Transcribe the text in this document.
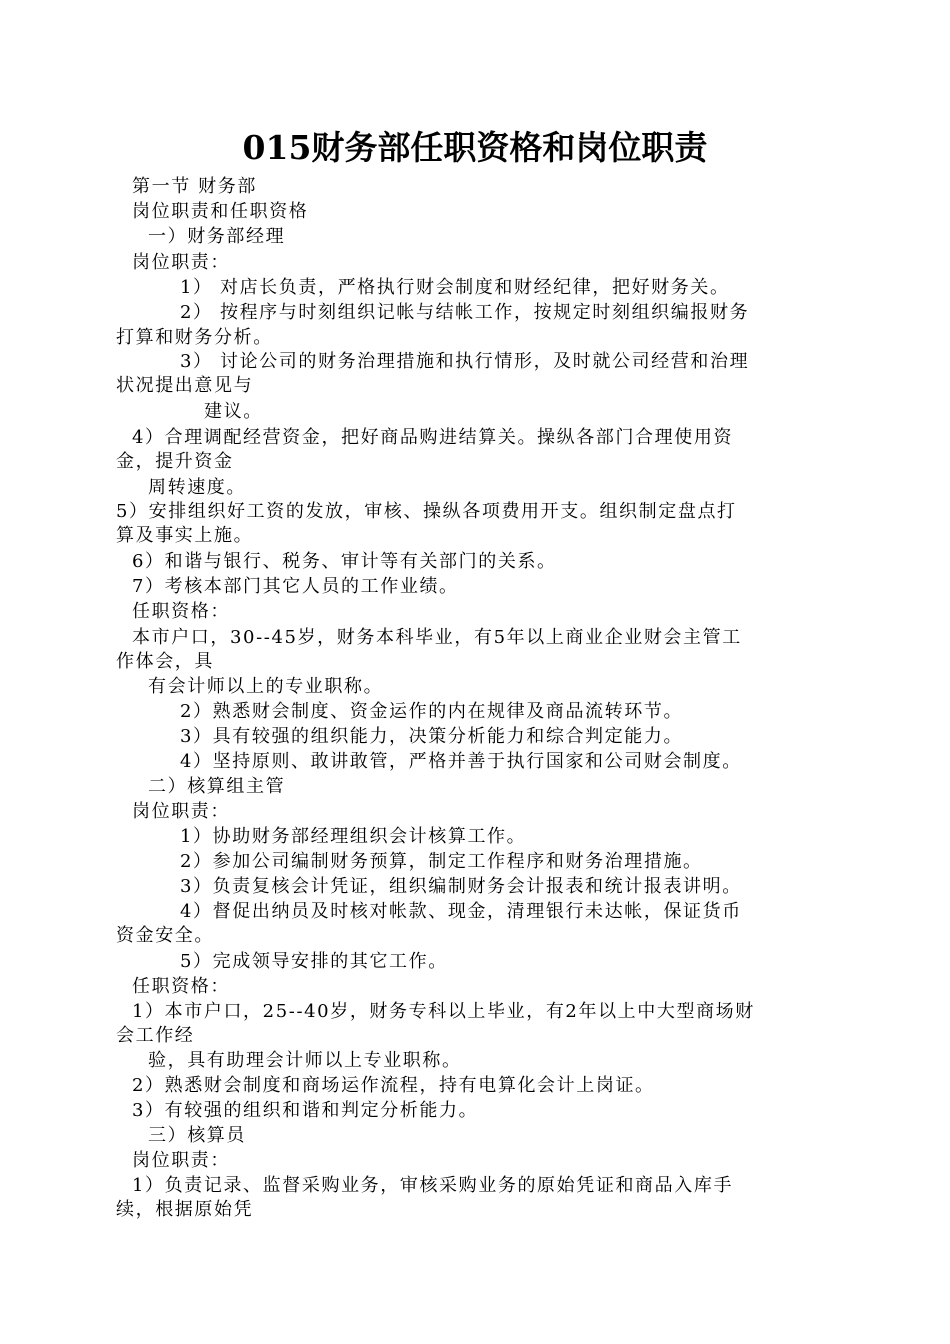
015财务部任职资格和岗位职责
第一节 财务部
岗位职责和任职资格
一）财务部经理
岗位职责：
1） 对店长负责，严格执行财会制度和财经纪律，把好财务关。
2） 按程序与时刻组织记帐与结帐工作，按规定时刻组织编报财务
打算和财务分析。
3） 讨论公司的财务治理措施和执行情形，及时就公司经营和治理
状况提出意见与
建议。
4）合理调配经营资金，把好商品购进结算关。操纵各部门合理使用资
金，提升资金
周转速度。
5）安排组织好工资的发放，审核、操纵各项费用开支。组织制定盘点打
算及事实上施。
6）和谐与银行、税务、审计等有关部门的关系。
7）考核本部门其它人员的工作业绩。
任职资格：
本市户口，30--45岁，财务本科毕业，有5年以上商业企业财会主管工
作体会，具
有会计师以上的专业职称。
2）熟悉财会制度、资金运作的内在规律及商品流转环节。
3）具有较强的组织能力，决策分析能力和综合判定能力。
4）坚持原则、敢讲敢管，严格并善于执行国家和公司财会制度。
二）核算组主管
岗位职责：
1）协助财务部经理组织会计核算工作。
2）参加公司编制财务预算，制定工作程序和财务治理措施。
3）负责复核会计凭证，组织编制财务会计报表和统计报表讲明。
4）督促出纳员及时核对帐款、现金，清理银行未达帐，保证货币
资金安全。
5）完成领导安排的其它工作。
任职资格：
1）本市户口，25--40岁，财务专科以上毕业，有2年以上中大型商场财
会工作经
验，具有助理会计师以上专业职称。
2）熟悉财会制度和商场运作流程，持有电算化会计上岗证。
3）有较强的组织和谐和判定分析能力。
三）核算员
岗位职责：
1）负责记录、监督采购业务，审核采购业务的原始凭证和商品入库手
续，根据原始凭
